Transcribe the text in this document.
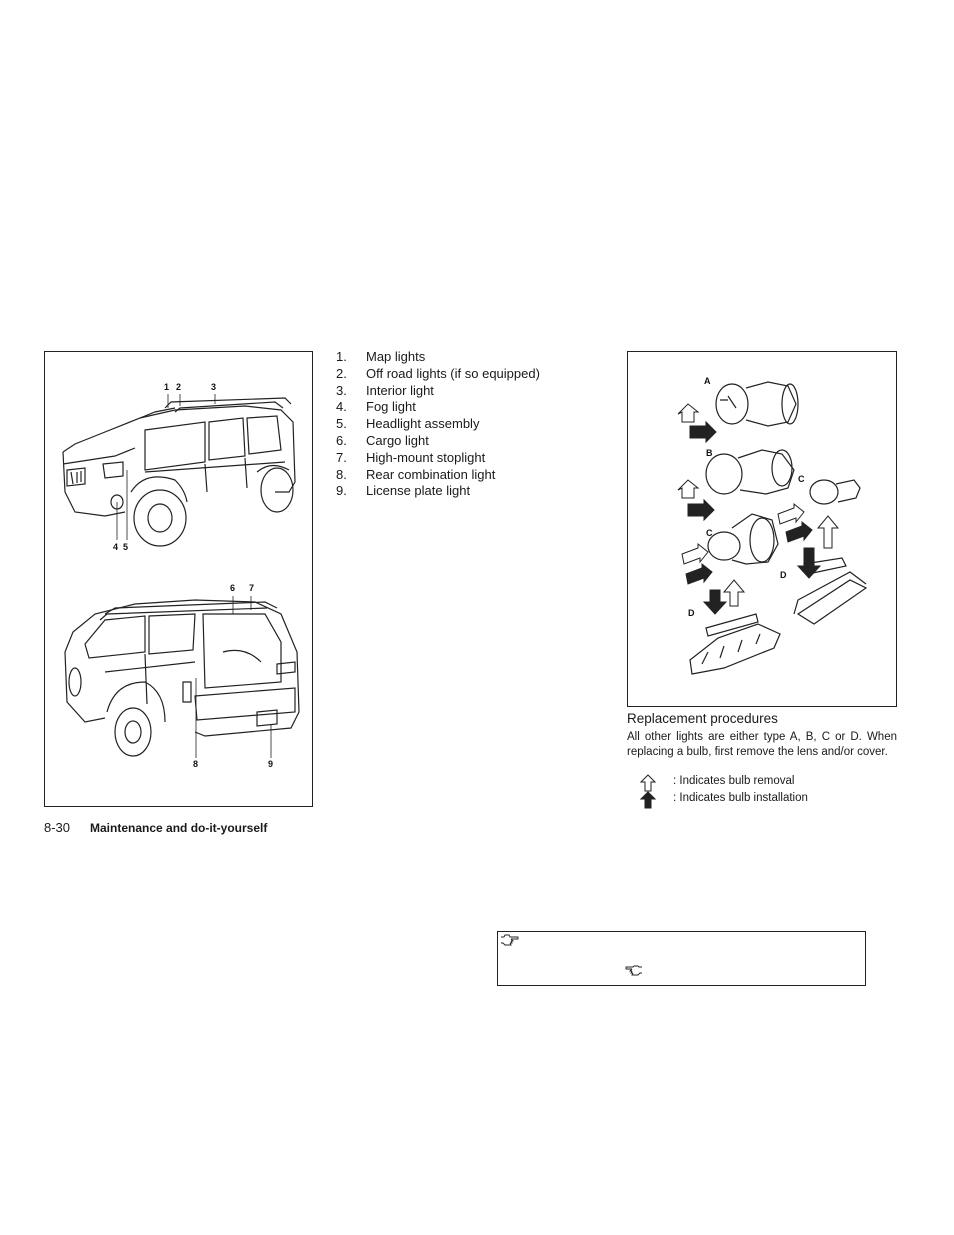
1 2	3
4 5
6 7
8	9
1.	Map lights
2.	Off road lights (if so equipped)
3.	Interior light
4.	Fog light
5.	Headlight assembly
6.	Cargo light
7.	High-mount stoplight
8.	Rear combination light
9.	License plate light
8-30 Maintenance and do-it-yourself
A
B
C
C
D
D
Replacement procedures

All other lights are either type A, B, C or D. When replacing a bulb, first remove the lens and/or cover.

: Indicates bulb removal
: Indicates bulb installation
